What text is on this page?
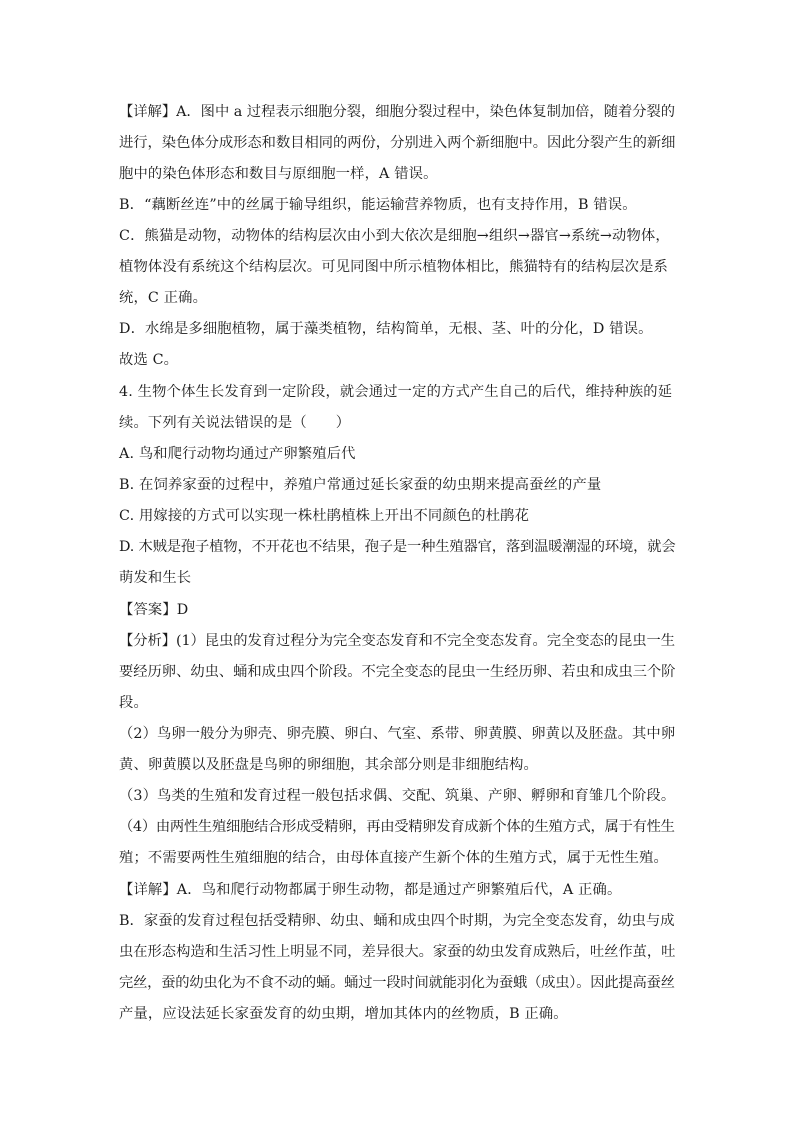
【详解】A．图中 a 过程表示细胞分裂，细胞分裂过程中，染色体复制加倍，随着分裂的
进行，染色体分成形态和数目相同的两份，分别进入两个新细胞中。因此分裂产生的新细
胞中的染色体形态和数目与原细胞一样，A 错误。
B．“藕断丝连”中的丝属于输导组织，能运输营养物质，也有支持作用，B 错误。
C．熊猫是动物，动物体的结构层次由小到大依次是细胞→组织→器官→系统→动物体，
植物体没有系统这个结构层次。可见同图中所示植物体相比，熊猫特有的结构层次是系
统，C 正确。
D．水绵是多细胞植物，属于藻类植物，结构简单，无根、茎、叶的分化，D 错误。
故选 C。
4. 生物个体生长发育到一定阶段，就会通过一定的方式产生自己的后代，维持种族的延
续。下列有关说法错误的是（　　）
A. 鸟和爬行动物均通过产卵繁殖后代
B. 在饲养家蚕的过程中，养殖户常通过延长家蚕的幼虫期来提高蚕丝的产量
C. 用嫁接的方式可以实现一株杜鹃植株上开出不同颜色的杜鹃花
D. 木贼是孢子植物，不开花也不结果，孢子是一种生殖器官，落到温暖潮湿的环境，就会
萌发和生长
【答案】D
【分析】(1）昆虫的发育过程分为完全变态发育和不完全变态发育。完全变态的昆虫一生
要经历卵、幼虫、蛹和成虫四个阶段。不完全变态的昆虫一生经历卵、若虫和成虫三个阶
段。
（2）鸟卵一般分为卵壳、卵壳膜、卵白、气室、系带、卵黄膜、卵黄以及胚盘。其中卵
黄、卵黄膜以及胚盘是鸟卵的卵细胞，其余部分则是非细胞结构。
（3）鸟类的生殖和发育过程一般包括求偶、交配、筑巢、产卵、孵卵和育雏几个阶段。
（4）由两性生殖细胞结合形成受精卵，再由受精卵发育成新个体的生殖方式，属于有性生
殖；不需要两性生殖细胞的结合，由母体直接产生新个体的生殖方式，属于无性生殖。
【详解】A．鸟和爬行动物都属于卵生动物，都是通过产卵繁殖后代，A 正确。
B．家蚕的发育过程包括受精卵、幼虫、蛹和成虫四个时期，为完全变态发育，幼虫与成
虫在形态构造和生活习性上明显不同，差异很大。家蚕的幼虫发育成熟后，吐丝作茧，吐
完丝，蚕的幼虫化为不食不动的蛹。蛹过一段时间就能羽化为蚕蛾（成虫）。因此提高蚕丝
产量，应设法延长家蚕发育的幼虫期，增加其体内的丝物质，B 正确。
